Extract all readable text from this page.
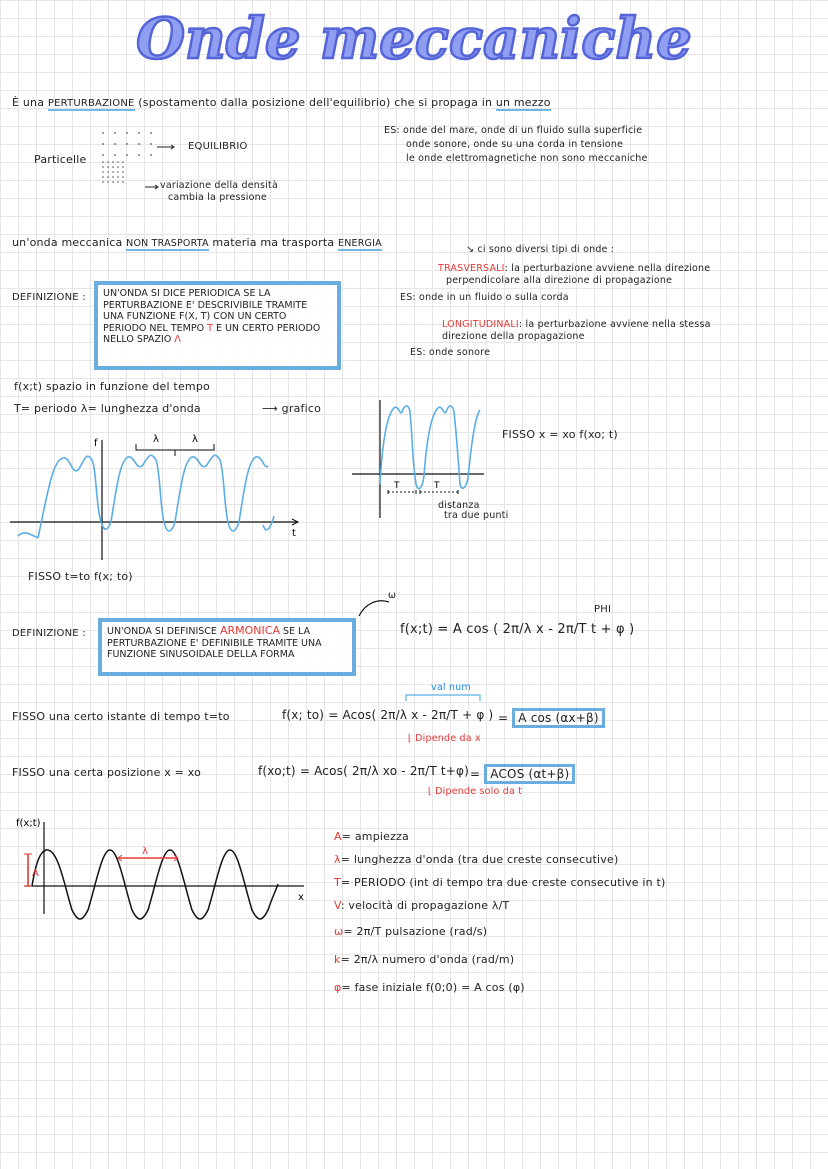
Onde meccaniche
È una PERTURBAZIONE (spostamento dalla posizione dell'equilibrio) che si propaga in un mezzo
Particelle
EQUILIBRIO
variazione della densità
cambia la pressione
ES: onde del mare, onde di un fluido sulla superficie
onde sonore, onde su una corda in tensione
le onde elettromagnetiche non sono meccaniche
un'onda meccanica NON TRASPORTA materia ma trasporta ENERGIA
↘ ci sono diversi tipi di onde :
TRASVERSALI: la perturbazione avviene nella direzione
perpendicolare alla direzione di propagazione
ES: onde in un fluido o sulla corda
LONGITUDINALI: la perturbazione avviene nella stessa
direzione della propagazione
ES: onde sonore
DEFINIZIONE : UN'ONDA SI DICE PERIODICA SE LA
PERTURBAZIONE E' DESCRIVIBILE TRAMITE
UNA FUNZIONE F(X, T) CON UN CERTO
PERIODO NEL TEMPO T E UN CERTO PERIODO
NELLO SPAZIO Λ
f(x;t) spazio in funzione del tempo
T= periodo λ= lunghezza d'onda	⟶ grafico
f
t
λ	λ
T	T
FISSO x = xo f(xo; t)
distanza
tra due punti
FISSO t=to f(x; to)
DEFINIZIONE : UN'ONDA SI DEFINISCE ARMONICA SE LA
PERTURBAZIONE E' DEFINIBILE TRAMITE UNA
FUNZIONE SINUSOIDALE DELLA FORMA
ω
PHI
f(x;t) = A cos ( 2π/λ x - 2π/T t + φ )
val num
FISSO una certo istante di tempo t=to	f(x; to) = Acos( 2π/λ x - 2π/T + φ ) = A cos (αx+β)
⌊ Dipende da x
FISSO una certa posizione x = xo	f(xo;t) = Acos( 2π/λ xo - 2π/T t+φ) = ACOS (αt+β)
⌊ Dipende solo da t
f(x;t)
A
x
λ
A= ampiezza
λ= lunghezza d'onda (tra due creste consecutive)
T= PERIODO (int di tempo tra due creste consecutive in t)
V: velocità di propagazione λ/T
ω= 2π/T pulsazione (rad/s)
k= 2π/λ numero d'onda (rad/m)
φ= fase iniziale f(0;0) = A cos (φ)
